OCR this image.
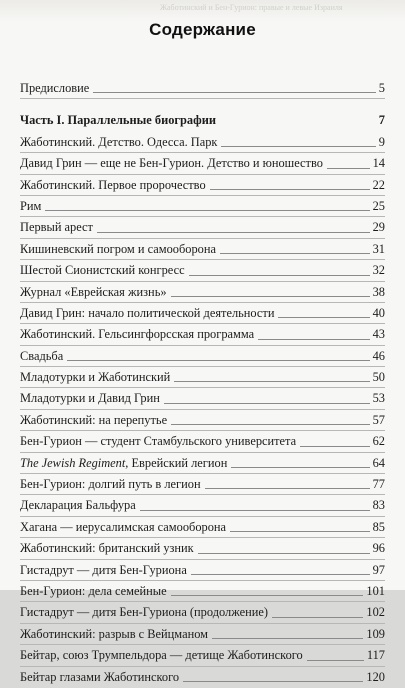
Жаботинский и Бен-Гурион: правые и левые Израиля
Содержание
Предисловие	5
Часть I. Параллельные биографии	7
Жаботинский. Детство. Одесса. Парк	9
Давид Грин — еще не Бен-Гурион. Детство и юношество	14
Жаботинский. Первое пророчество	22
Рим	25
Первый арест	29
Кишиневский погром и самооборона	31
Шестой Сионистский конгресс	32
Журнал «Еврейская жизнь»	38
Давид Грин: начало политической деятельности	40
Жаботинский. Гельсингфорсская программа	43
Свадьба	46
Младотурки и Жаботинский	50
Младотурки и Давид Грин	53
Жаботинский: на перепутье	57
Бен-Гурион — студент Стамбульского университета	62
The Jewish Regiment, Еврейский легион	64
Бен-Гурион: долгий путь в легион	77
Декларация Бальфура	83
Хагана — иерусалимская самооборона	85
Жаботинский: британский узник	96
Гистадрут — дитя Бен-Гуриона	97
Бен-Гурион: дела семейные	101
Гистадрут — дитя Бен-Гуриона (продолжение)	102
Жаботинский: разрыв с Вейцманом	109
Бейтар, союз Трумпельдора — детище Жаботинского	117
Бейтар глазами Жаботинского	120
